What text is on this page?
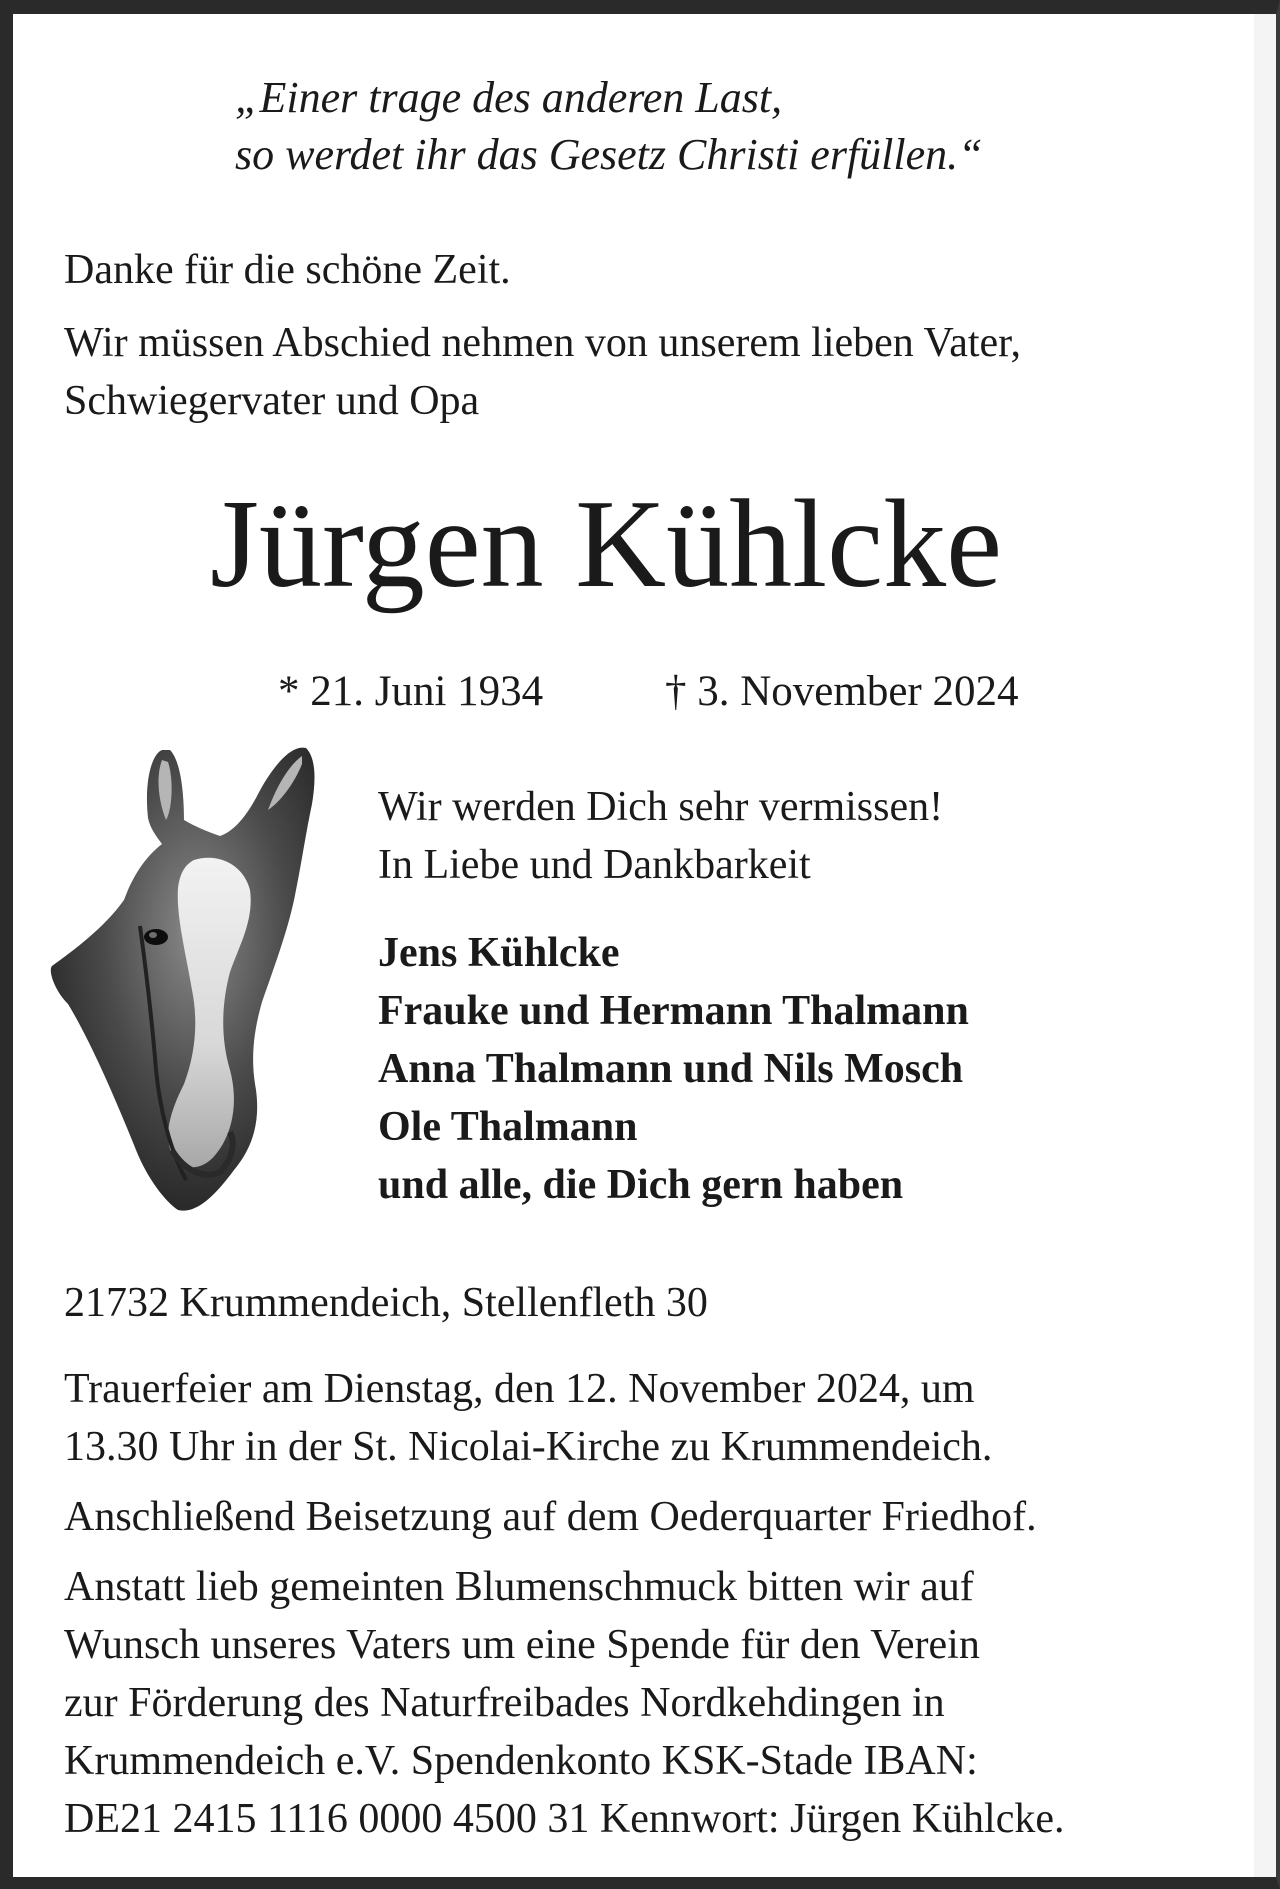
„Einer trage des anderen Last,
so werdet ihr das Gesetz Christi erfüllen.“
Danke für die schöne Zeit.
Wir müssen Abschied nehmen von unserem lieben Vater,
Schwiegervater und Opa
Jürgen Kühlcke
* 21. Juni 1934	† 3. November 2024
Wir werden Dich sehr vermissen!
In Liebe und Dankbarkeit
Jens Kühlcke
Frauke und Hermann Thalmann
Anna Thalmann und Nils Mosch
Ole Thalmann
und alle, die Dich gern haben
21732 Krummendeich, Stellenfleth 30
Trauerfeier am Dienstag, den 12. November 2024, um
13.30 Uhr in der St. Nicolai-Kirche zu Krummendeich.
Anschließend Beisetzung auf dem Oederquarter Friedhof.
Anstatt lieb gemeinten Blumenschmuck bitten wir auf
Wunsch unseres Vaters um eine Spende für den Verein
zur Förderung des Naturfreibades Nordkehdingen in
Krummendeich e.V. Spendenkonto KSK-Stade IBAN:
DE21 2415 1116 0000 4500 31 Kennwort: Jürgen Kühlcke.
